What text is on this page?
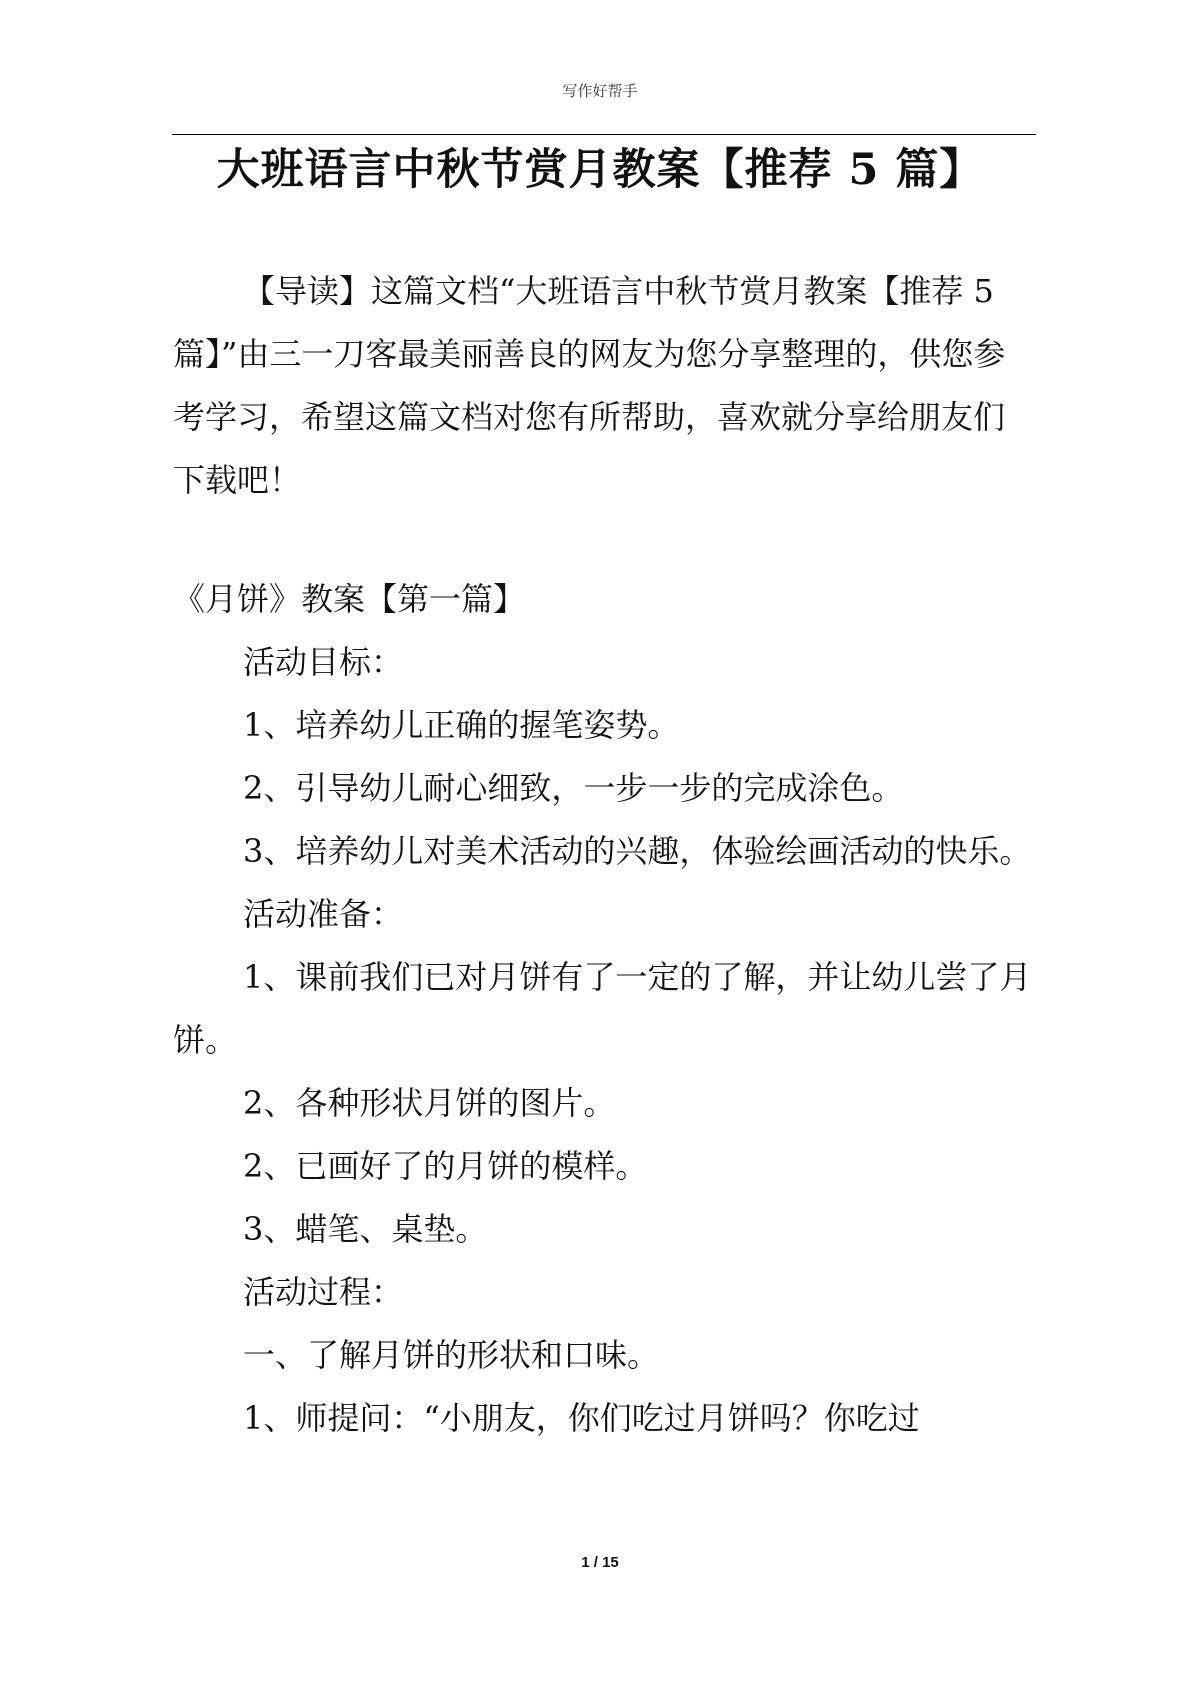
写作好帮手
大班语言中秋节赏月教案【推荐 5 篇】

【导读】这篇文档“大班语言中秋节赏月教案【推荐 5 篇】”由三一刀客最美丽善良的网友为您分享整理的，供您参考学习，希望这篇文档对您有所帮助，喜欢就分享给朋友们下载吧！

《月饼》教案【第一篇】

活动目标：

1、培养幼儿正确的握笔姿势。

2、引导幼儿耐心细致，一步一步的完成涂色。

3、培养幼儿对美术活动的兴趣，体验绘画活动的快乐。

活动准备：

1、课前我们已对月饼有了一定的了解，并让幼儿尝了月饼。

2、各种形状月饼的图片。

2、已画好了的月饼的模样。

3、蜡笔、桌垫。

活动过程：

一、了解月饼的形状和口味。

1、师提问：“小朋友，你们吃过月饼吗？你吃过

1 / 15
